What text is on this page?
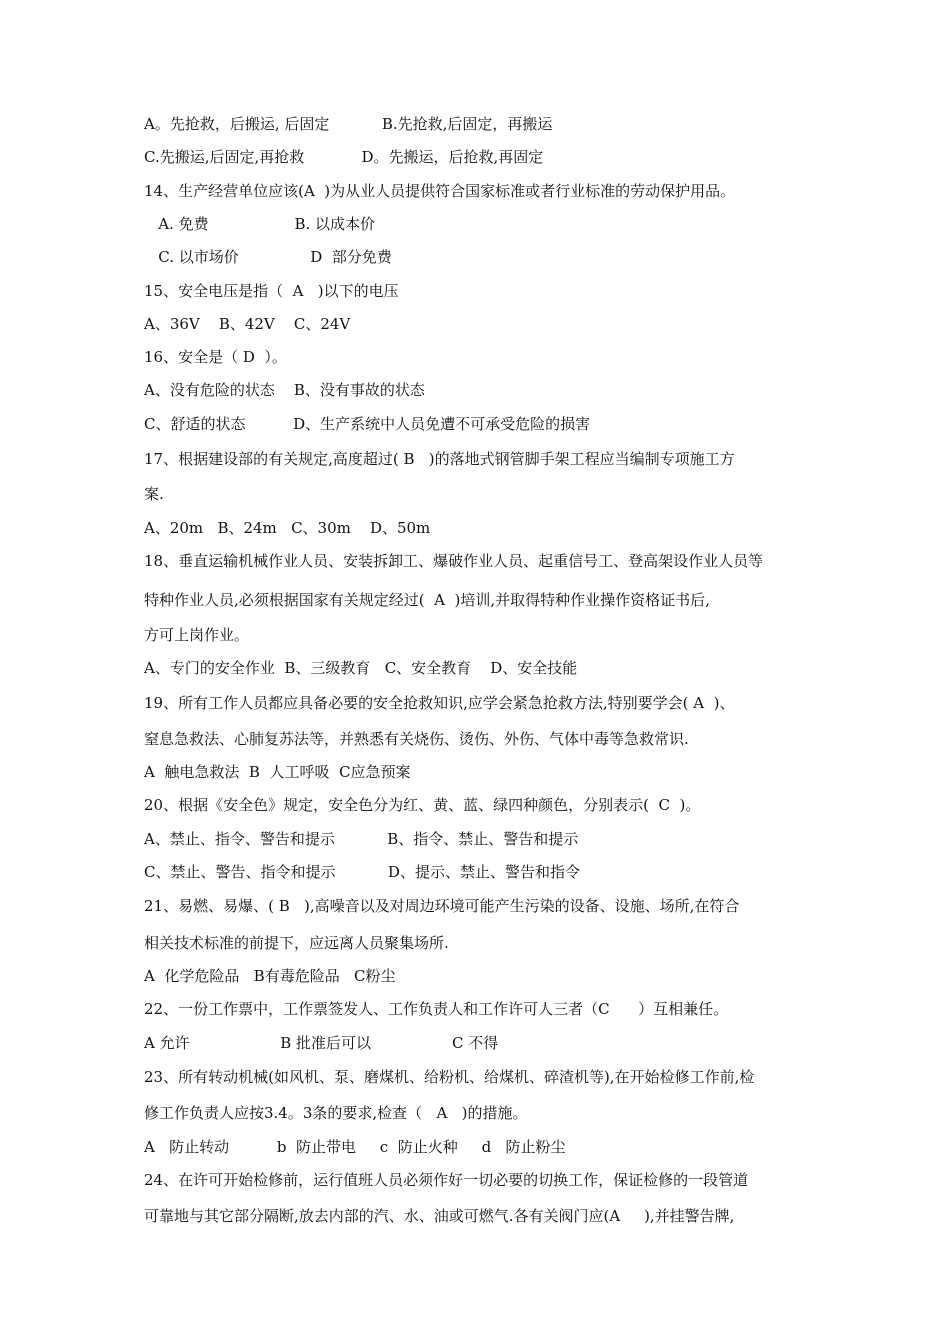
A。先抢救，后搬运, 后固定           B.先抢救,后固定，再搬运
C.先搬运,后固定,再抢救            D。先搬运，后抢救,再固定
14、生产经营单位应该(A  )为从业人员提供符合国家标准或者行业标准的劳动保护用品。
A. 免费                  B. 以成本价
C. 以市场价               D  部分免费
15、安全电压是指（  A   )以下的电压
A、36V    B、42V    C、24V
16、安全是（ D  ）。
A、没有危险的状态    B、没有事故的状态
C、舒适的状态          D、生产系统中人员免遭不可承受危险的损害
17、根据建设部的有关规定,高度超过( B   )的落地式钢管脚手架工程应当编制专项施工方
案.
A、20m   B、24m   C、30m    D、50m
18、垂直运输机械作业人员、安装拆卸工、爆破作业人员、起重信号工、登高架设作业人员等
特种作业人员,必须根据国家有关规定经过(  A  )培训,并取得特种作业操作资格证书后,
方可上岗作业。
A、专门的安全作业  B、三级教育   C、安全教育    D、安全技能
19、所有工作人员都应具备必要的安全抢救知识,应学会紧急抢救方法,特别要学会( A  )、
窒息急救法、心肺复苏法等，并熟悉有关烧伤、烫伤、外伤、气体中毒等急救常识.
A  触电急救法  B  人工呼吸  C应急预案
20、根据《安全色》规定，安全色分为红、黄、蓝、绿四种颜色，分别表示(  C  )。
A、禁止、指令、警告和提示           B、指令、禁止、警告和提示
C、禁止、警告、指令和提示           D、提示、禁止、警告和指令
21、易燃、易爆、( B   ),高噪音以及对周边环境可能产生污染的设备、设施、场所,在符合
相关技术标准的前提下，应远离人员聚集场所.
A  化学危险品   B有毒危险品   C粉尘
22、一份工作票中，工作票签发人、工作负责人和工作许可人三者（C      ）互相兼任。
A 允许                   B 批准后可以                 C 不得
23、所有转动机械(如风机、泵、磨煤机、给粉机、给煤机、碎渣机等),在开始检修工作前,检
修工作负责人应按3.4。3条的要求,检查（   A   )的措施。
A   防止转动          b  防止带电     c  防止火种     d   防止粉尘
24、在许可开始检修前，运行值班人员必须作好一切必要的切换工作，保证检修的一段管道
可靠地与其它部分隔断,放去内部的汽、水、油或可燃气.各有关阀门应(A     ),并挂警告牌,
